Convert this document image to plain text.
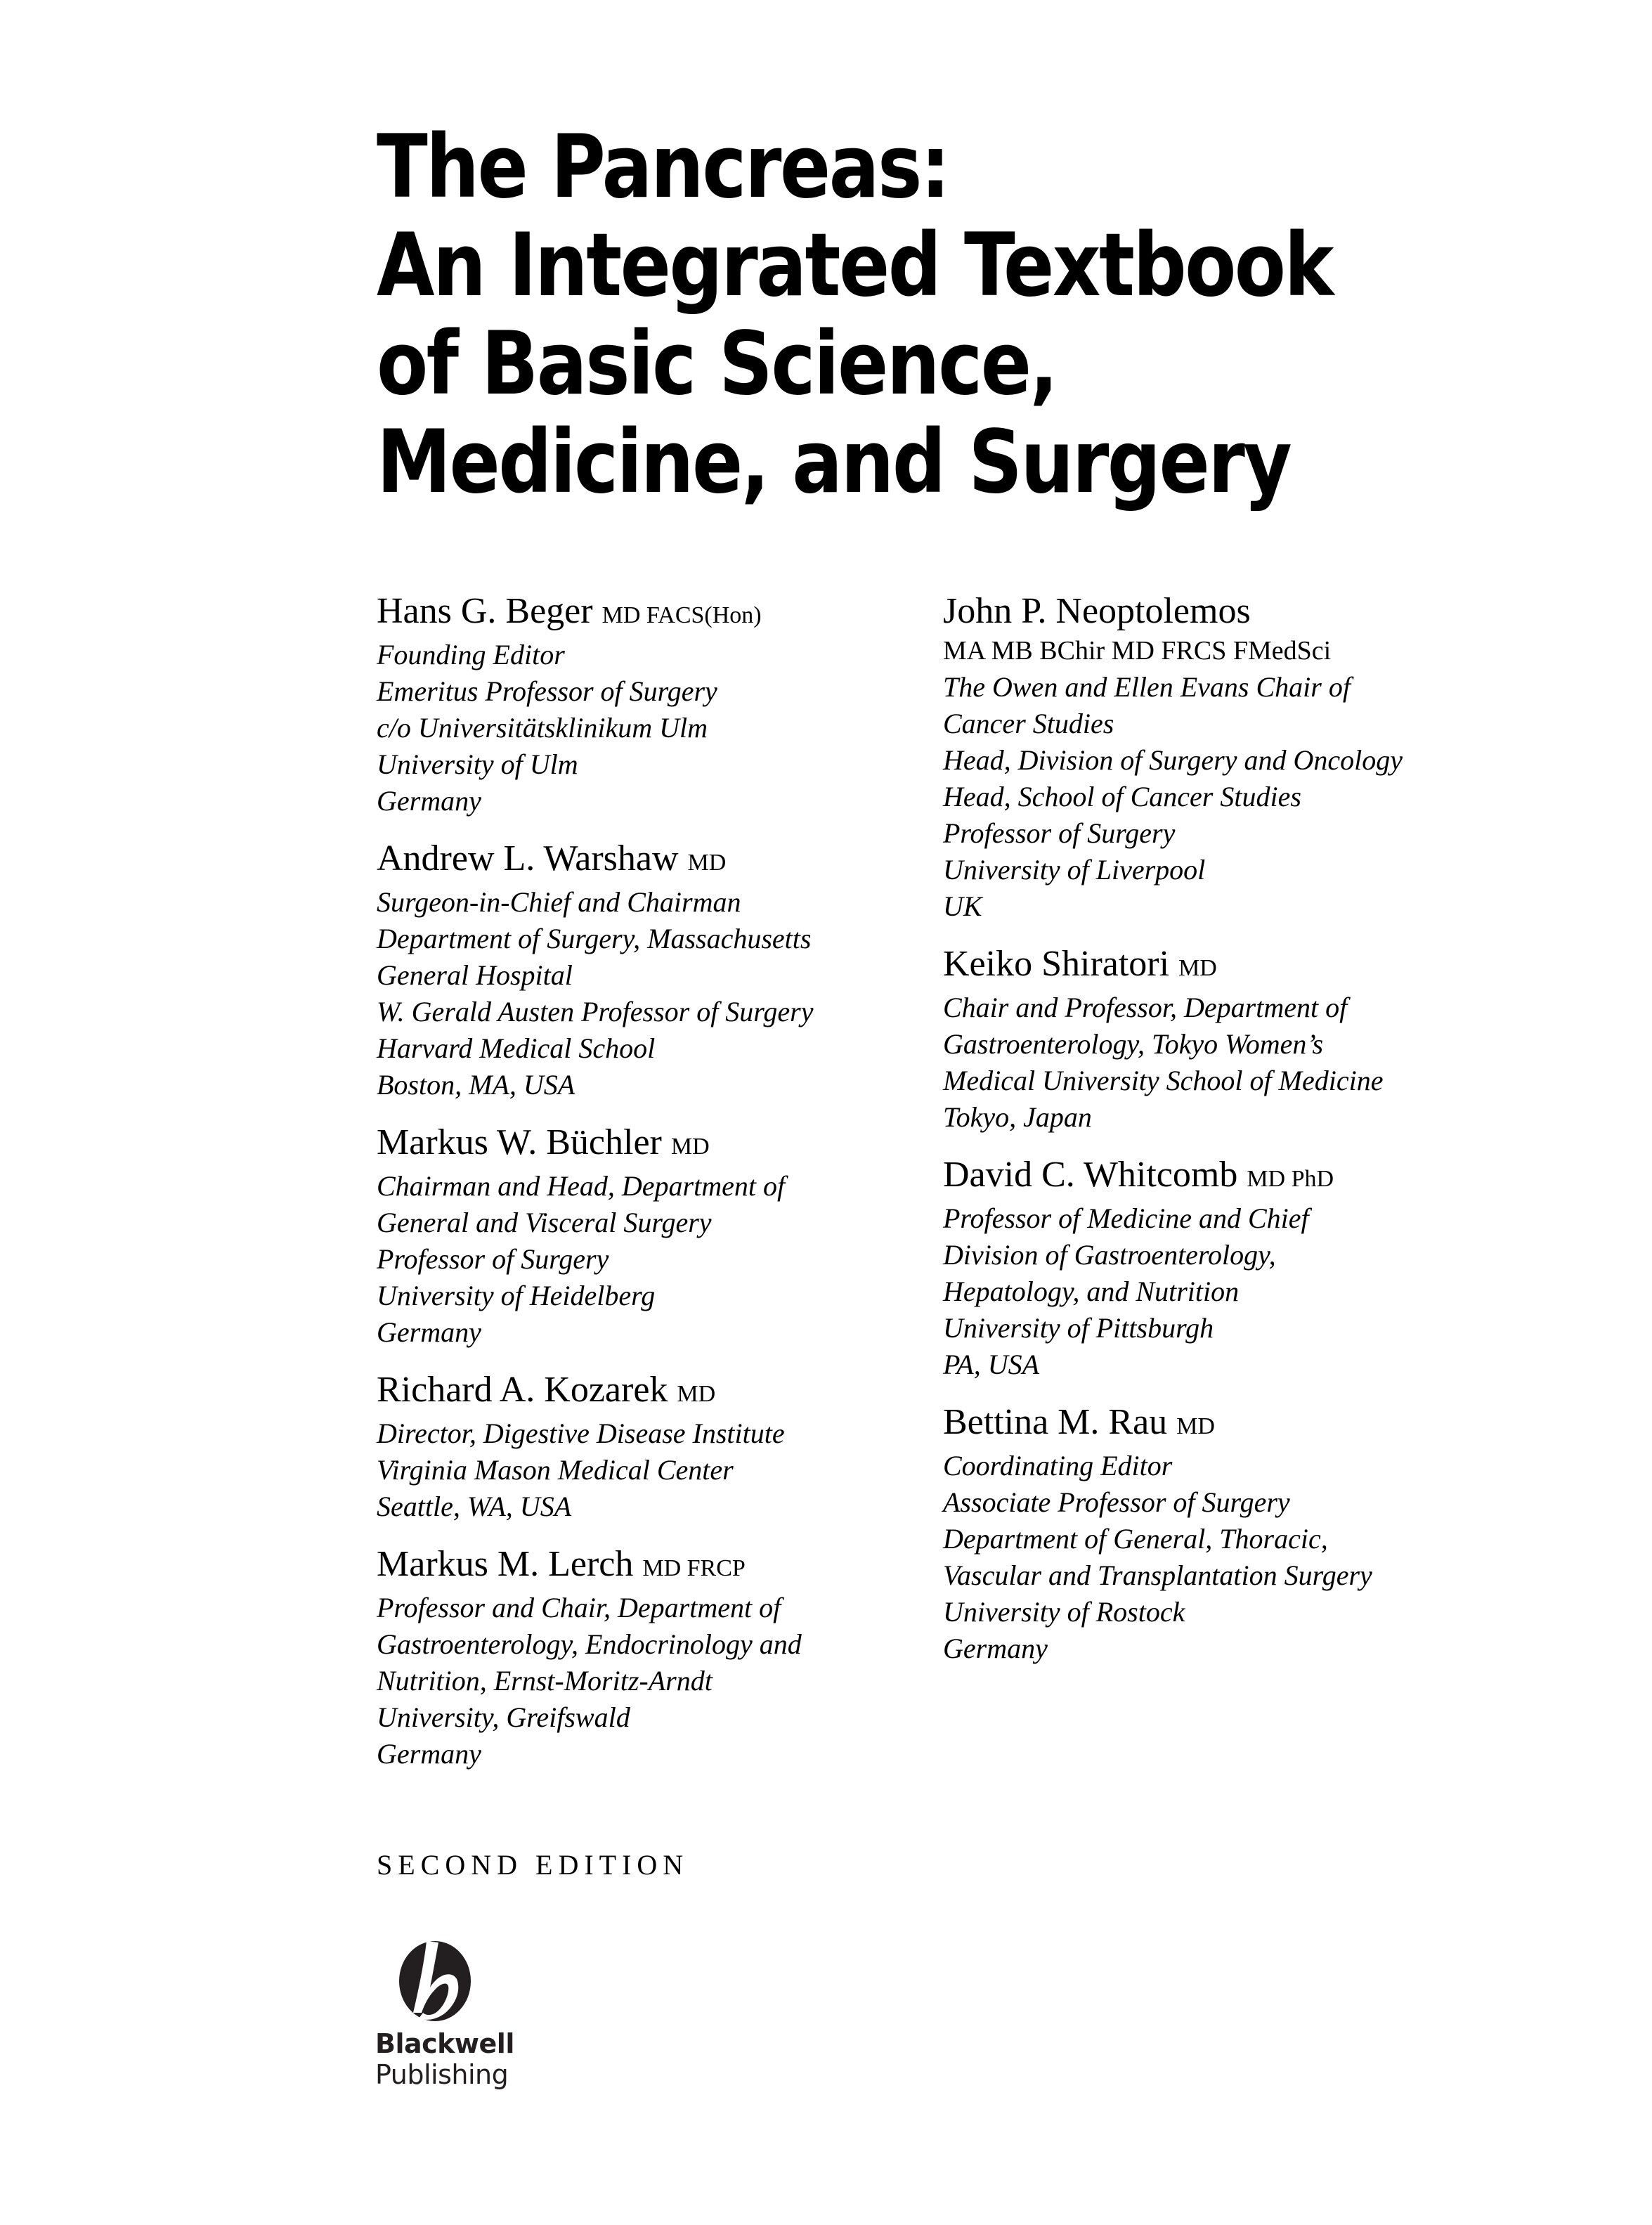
The Pancreas:
An Integrated Textbook
of Basic Science,
Medicine, and Surgery
Hans G. Beger MD FACS(Hon)
Founding Editor
Emeritus Professor of Surgery
c/o Universitätsklinikum Ulm
University of Ulm
Germany
Andrew L. Warshaw MD
Surgeon-in-Chief and Chairman
Department of Surgery, Massachusetts
General Hospital
W. Gerald Austen Professor of Surgery
Harvard Medical School
Boston, MA, USA
Markus W. Büchler MD
Chairman and Head, Department of
General and Visceral Surgery
Professor of Surgery
University of Heidelberg
Germany
Richard A. Kozarek MD
Director, Digestive Disease Institute
Virginia Mason Medical Center
Seattle, WA, USA
Markus M. Lerch MD FRCP
Professor and Chair, Department of
Gastroenterology, Endocrinology and
Nutrition, Ernst-Moritz-Arndt
University, Greifswald
Germany
John P. Neoptolemos
MA MB BChir MD FRCS FMedSci
The Owen and Ellen Evans Chair of
Cancer Studies
Head, Division of Surgery and Oncology
Head, School of Cancer Studies
Professor of Surgery
University of Liverpool
UK
Keiko Shiratori MD
Chair and Professor, Department of
Gastroenterology, Tokyo Women’s
Medical University School of Medicine
Tokyo, Japan
David C. Whitcomb MD PhD
Professor of Medicine and Chief
Division of Gastroenterology,
Hepatology, and Nutrition
University of Pittsburgh
PA, USA
Bettina M. Rau MD
Coordinating Editor
Associate Professor of Surgery
Department of General, Thoracic,
Vascular and Transplantation Surgery
University of Rostock
Germany
SECOND EDITION
Blackwell
Publishing
